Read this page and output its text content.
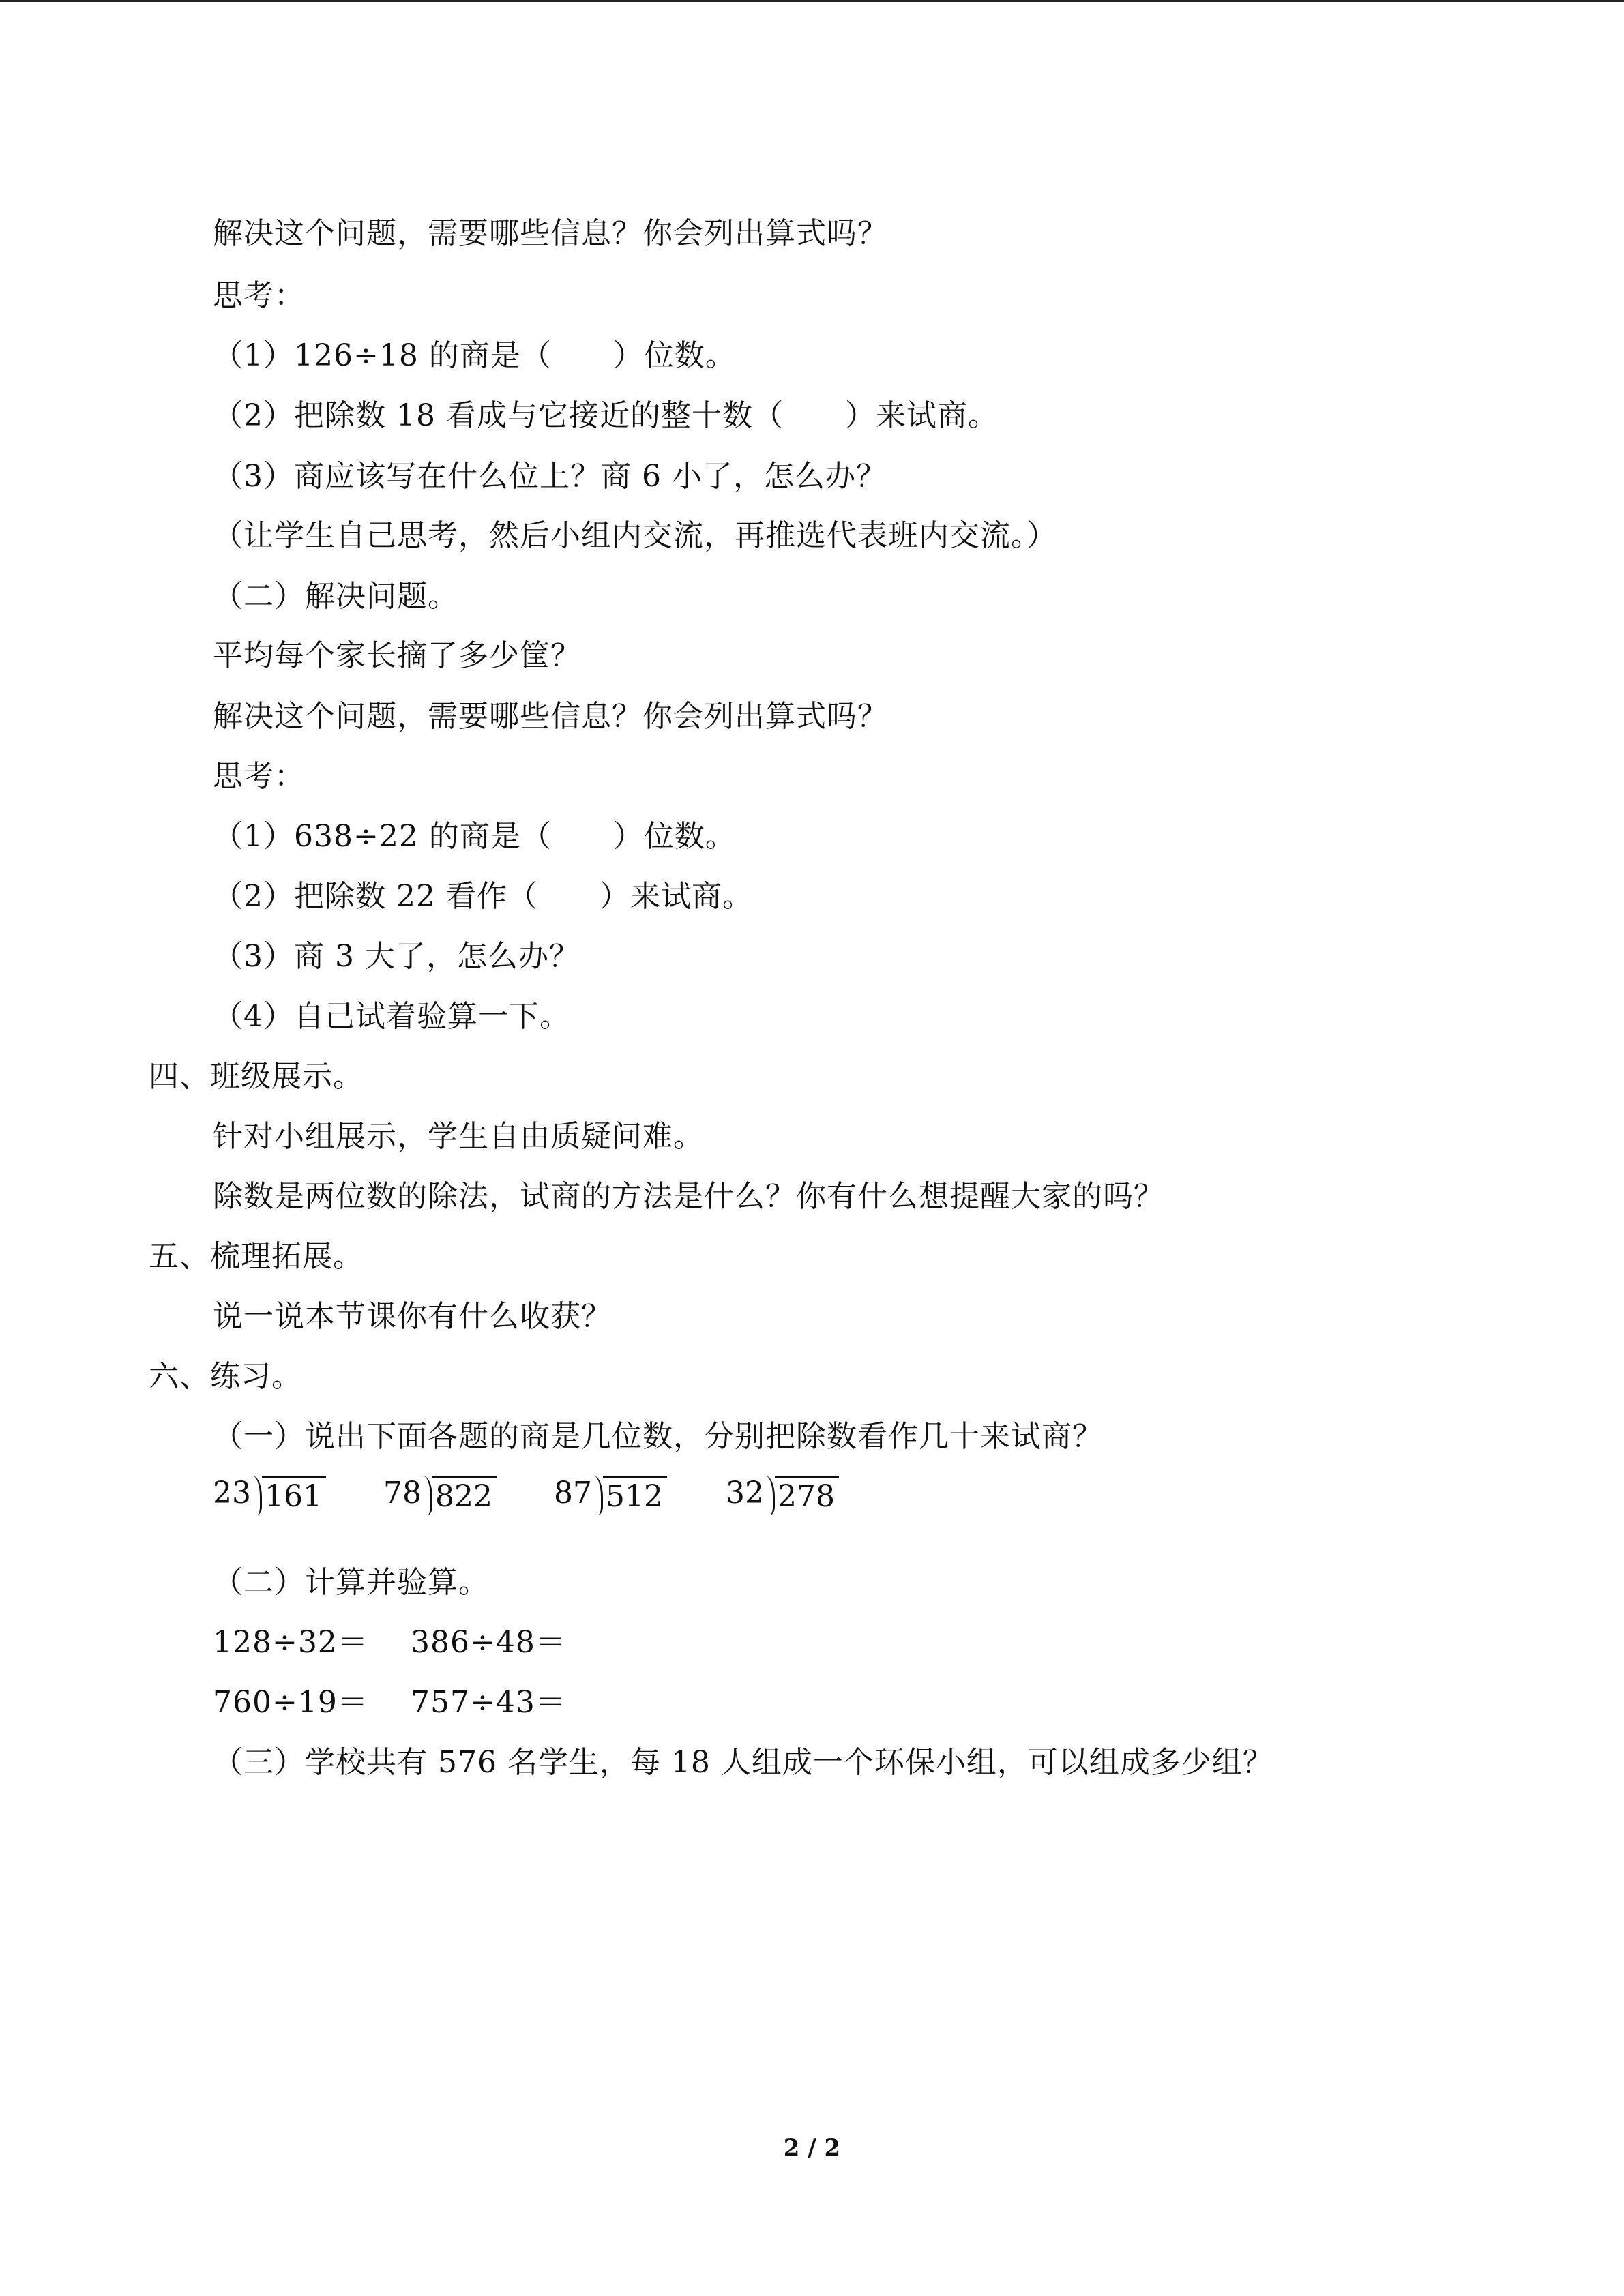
解决这个问题，需要哪些信息？你会列出算式吗？
思考：
（1）126÷18 的商是（　　）位数。
（2）把除数 18 看成与它接近的整十数（　　）来试商。
（3）商应该写在什么位上？商 6 小了，怎么办？
（让学生自己思考，然后小组内交流，再推选代表班内交流。）
（二）解决问题。
平均每个家长摘了多少筐？
解决这个问题，需要哪些信息？你会列出算式吗？
思考：
（1）638÷22 的商是（　　）位数。
（2）把除数 22 看作（　　）来试商。
（3）商 3 大了，怎么办？
（4）自己试着验算一下。
四、班级展示。
针对小组展示，学生自由质疑问难。
除数是两位数的除法，试商的方法是什么？你有什么想提醒大家的吗？
五、梳理拓展。
说一说本节课你有什么收获？
六、练习。
（一）说出下面各题的商是几位数，分别把除数看作几十来试商？
23 161 78 822 87 512 32 278
（二）计算并验算。
128÷32＝ 386÷48＝
760÷19＝ 757÷43＝
（三）学校共有 576 名学生，每 18 人组成一个环保小组，可以组成多少组？
2 / 2
